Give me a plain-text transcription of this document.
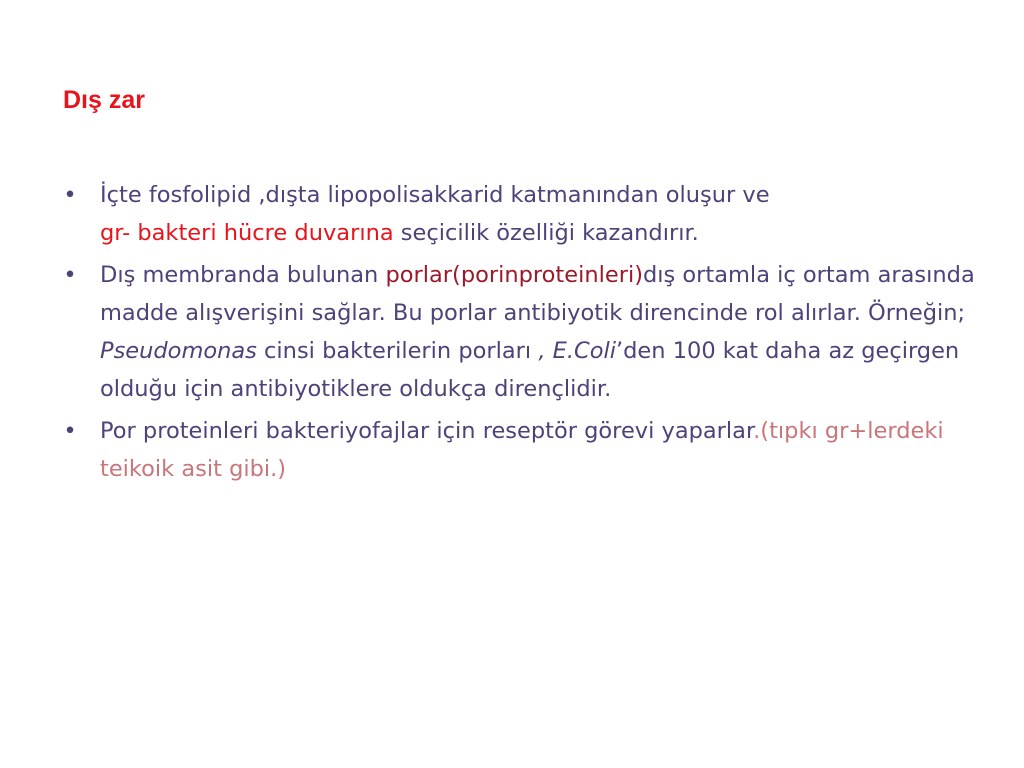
Dış zar
• İçte fosfolipid ,dışta lipopolisakkarid katmanından oluşur ve
gr- bakteri hücre duvarına seçicilik özelliği kazandırır.
• Dış membranda bulunan porlar(porinproteinleri)dış ortamla iç ortam arasında madde alışverişini sağlar. Bu porlar antibiyotik direncinde rol alırlar. Örneğin; Pseudomonas cinsi bakterilerin porları , E.Coli’den 100 kat daha az geçirgen olduğu için antibiyotiklere oldukça dirençlidir.
• Por proteinleri bakteriyofajlar için reseptör görevi yaparlar.(tıpkı gr+lerdeki teikoik asit gibi.)
